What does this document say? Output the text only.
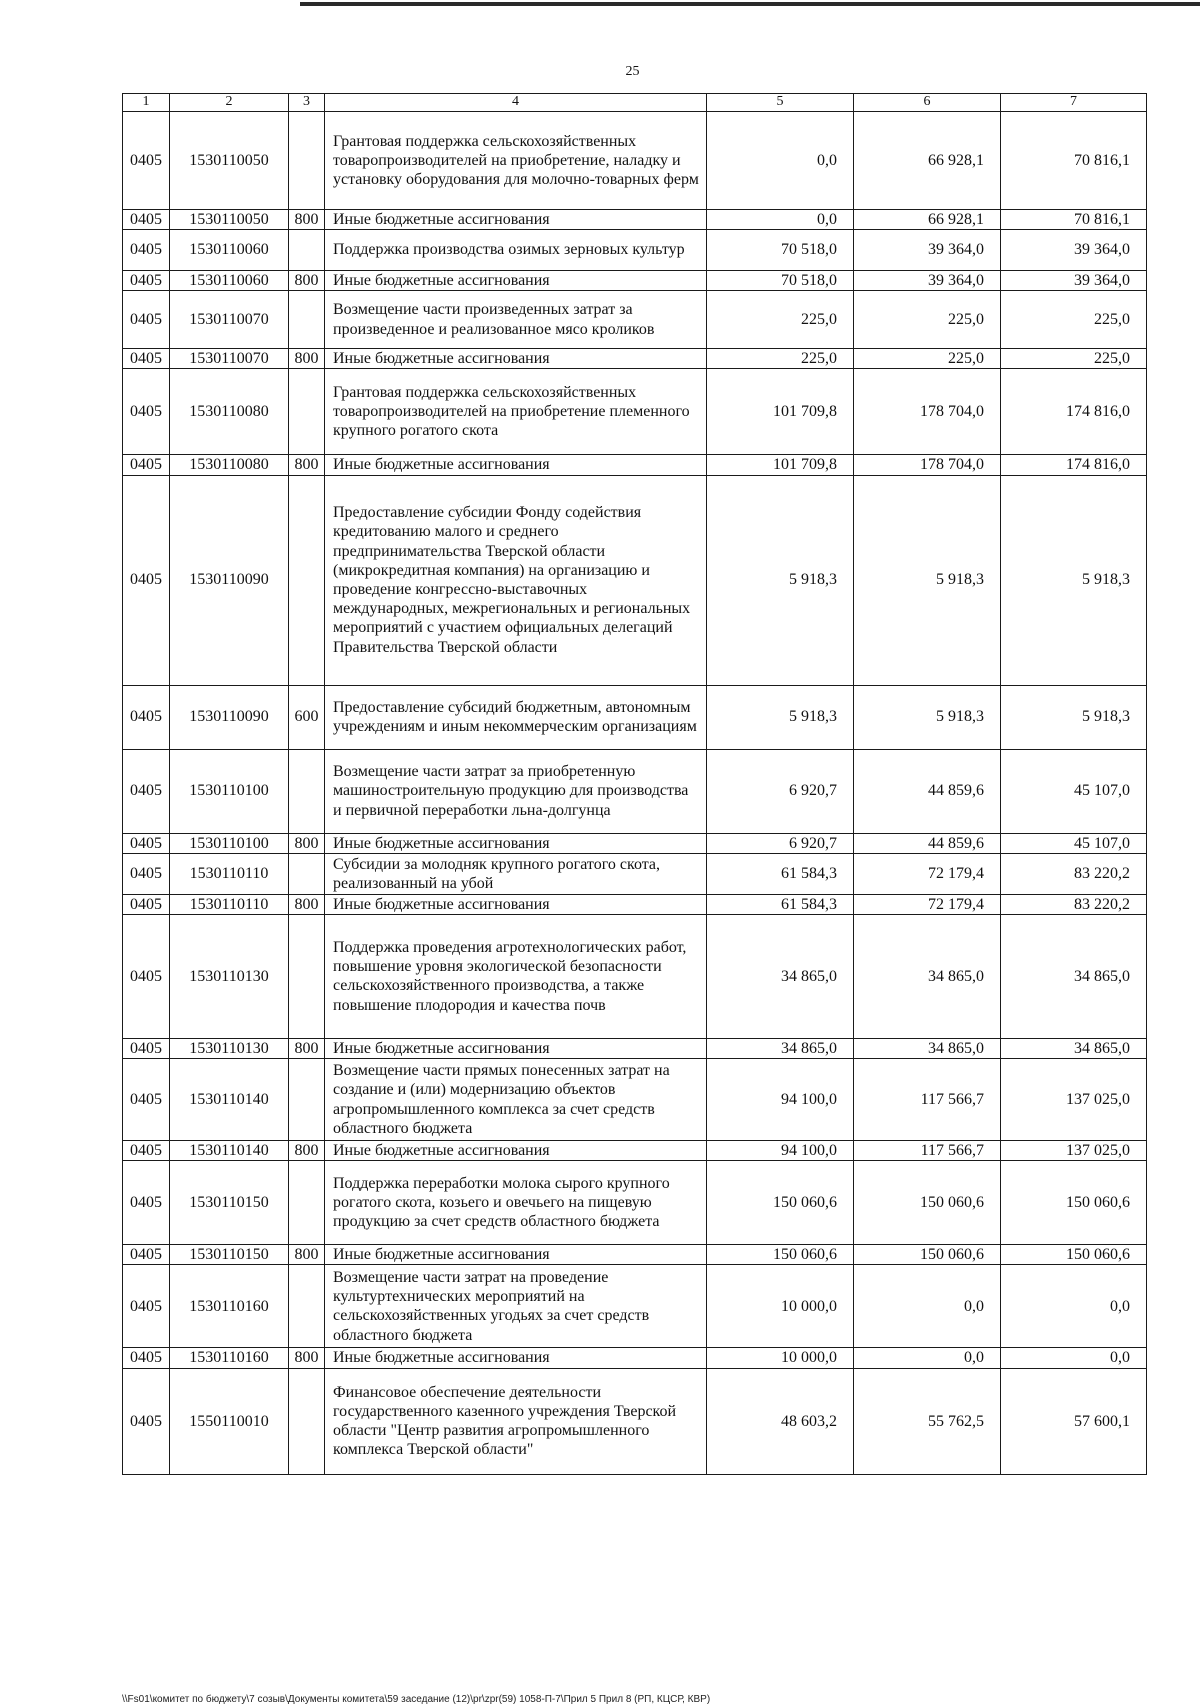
25
1	2	3	4	5	6	7
0405	1530110050		Грантовая поддержка сельскохозяйственных товаропроизводителей на приобретение, наладку и установку оборудования для молочно-товарных ферм	0,0	66 928,1	70 816,1
0405	1530110050	800	Иные бюджетные ассигнования	0,0	66 928,1	70 816,1
0405	1530110060		Поддержка производства озимых зерновых культур	70 518,0	39 364,0	39 364,0
0405	1530110060	800	Иные бюджетные ассигнования	70 518,0	39 364,0	39 364,0
0405	1530110070		Возмещение части произведенных затрат за произведенное и реализованное мясо кроликов	225,0	225,0	225,0
0405	1530110070	800	Иные бюджетные ассигнования	225,0	225,0	225,0
0405	1530110080		Грантовая поддержка сельскохозяйственных товаропроизводителей на приобретение племенного крупного рогатого скота	101 709,8	178 704,0	174 816,0
0405	1530110080	800	Иные бюджетные ассигнования	101 709,8	178 704,0	174 816,0
0405	1530110090		Предоставление субсидии Фонду содействия кредитованию малого и среднего предпринимательства Тверской области (микрокредитная компания) на организацию и проведение конгрессно-выставочных международных, межрегиональных и региональных мероприятий с участием официальных делегаций Правительства Тверской области	5 918,3	5 918,3	5 918,3
0405	1530110090	600	Предоставление субсидий бюджетным, автономным учреждениям и иным некоммерческим организациям	5 918,3	5 918,3	5 918,3
0405	1530110100		Возмещение части затрат за приобретенную машиностроительную продукцию для производства и первичной переработки льна-долгунца	6 920,7	44 859,6	45 107,0
0405	1530110100	800	Иные бюджетные ассигнования	6 920,7	44 859,6	45 107,0
0405	1530110110		Субсидии за молодняк крупного рогатого скота, реализованный на убой	61 584,3	72 179,4	83 220,2
0405	1530110110	800	Иные бюджетные ассигнования	61 584,3	72 179,4	83 220,2
0405	1530110130		Поддержка проведения агротехнологических работ, повышение уровня экологической безопасности сельскохозяйственного производства, а также повышение плодородия и качества почв	34 865,0	34 865,0	34 865,0
0405	1530110130	800	Иные бюджетные ассигнования	34 865,0	34 865,0	34 865,0
0405	1530110140		Возмещение части прямых понесенных затрат на создание и (или) модернизацию объектов агропромышленного комплекса за счет средств областного бюджета	94 100,0	117 566,7	137 025,0
0405	1530110140	800	Иные бюджетные ассигнования	94 100,0	117 566,7	137 025,0
0405	1530110150		Поддержка переработки молока сырого крупного рогатого скота, козьего и овечьего на пищевую продукцию за счет средств областного бюджета	150 060,6	150 060,6	150 060,6
0405	1530110150	800	Иные бюджетные ассигнования	150 060,6	150 060,6	150 060,6
0405	1530110160		Возмещение части затрат на проведение культуртехнических мероприятий на сельскохозяйственных угодьях за счет средств областного бюджета	10 000,0	0,0	0,0
0405	1530110160	800	Иные бюджетные ассигнования	10 000,0	0,0	0,0
0405	1550110010		Финансовое обеспечение деятельности государственного казенного учреждения Тверской области "Центр развития агропромышленного комплекса Тверской области"	48 603,2	55 762,5	57 600,1
\\Fs01\комитет по бюджету\7 созыв\Документы комитета\59 заседание (12)\pr\zpr(59) 1058-П-7\Прил 5 Прил 8 (РП, КЦСР, КВР)
